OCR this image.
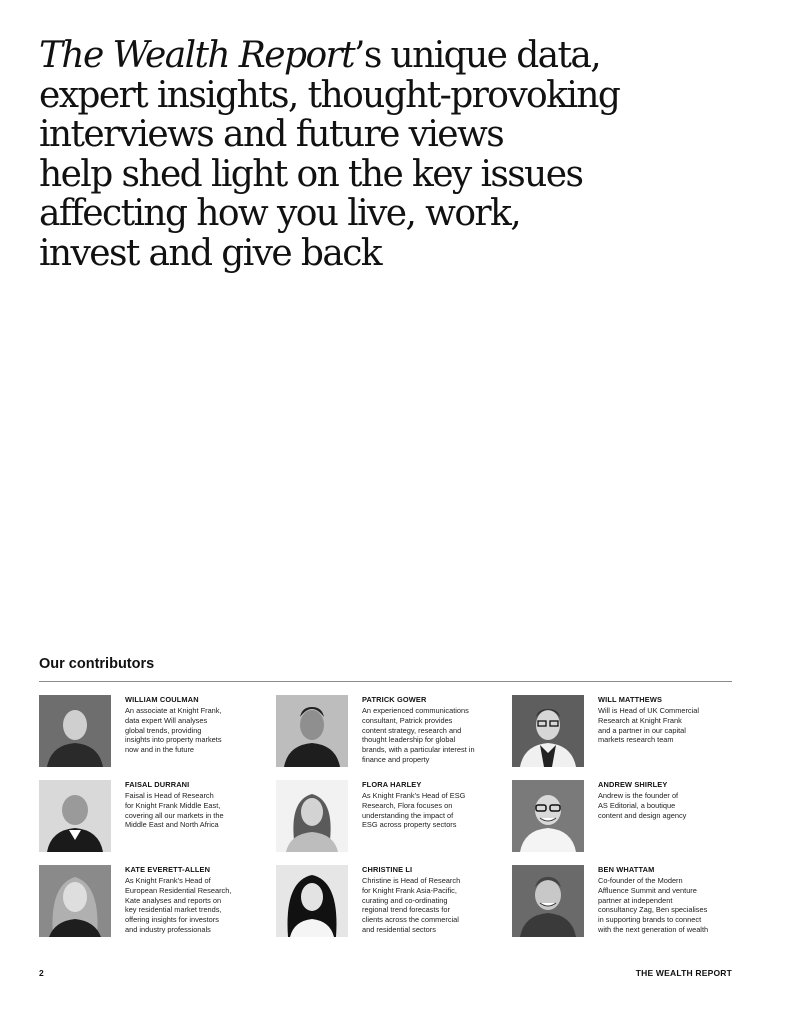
The Wealth Report’s unique data,
expert insights, thought-provoking
interviews and future views
help shed light on the key issues
affecting how you live, work,
invest and give back
Our contributors

WILLIAM COULMAN

An associate at Knight Frank,
data expert Will analyses
global trends, providing
insights into property markets
now and in the future

PATRICK GOWER

An experienced communications
consultant, Patrick provides
content strategy, research and
thought leadership for global
brands, with a particular interest in
finance and property

WILL MATTHEWS

Will is Head of UK Commercial
Research at Knight Frank
and a partner in our capital
markets research team

FAISAL DURRANI

Faisal is Head of Research
for Knight Frank Middle East,
covering all our markets in the
Middle East and North Africa

FLORA HARLEY

As Knight Frank’s Head of ESG
Research, Flora focuses on
understanding the impact of
ESG across property sectors

ANDREW SHIRLEY

Andrew is the founder of
AS Editorial, a boutique
content and design agency

KATE EVERETT-ALLEN

As Knight Frank’s Head of
European Residential Research,
Kate analyses and reports on
key residential market trends,
offering insights for investors
and industry professionals

CHRISTINE LI

Christine is Head of Research
for Knight Frank Asia-Pacific,
curating and co-ordinating
regional trend forecasts for
clients across the commercial
and residential sectors

BEN WHATTAM

Co-founder of the Modern
Affluence Summit and venture
partner at independent
consultancy Zag, Ben specialises
in supporting brands to connect
with the next generation of wealth

2	THE WEALTH REPORT
